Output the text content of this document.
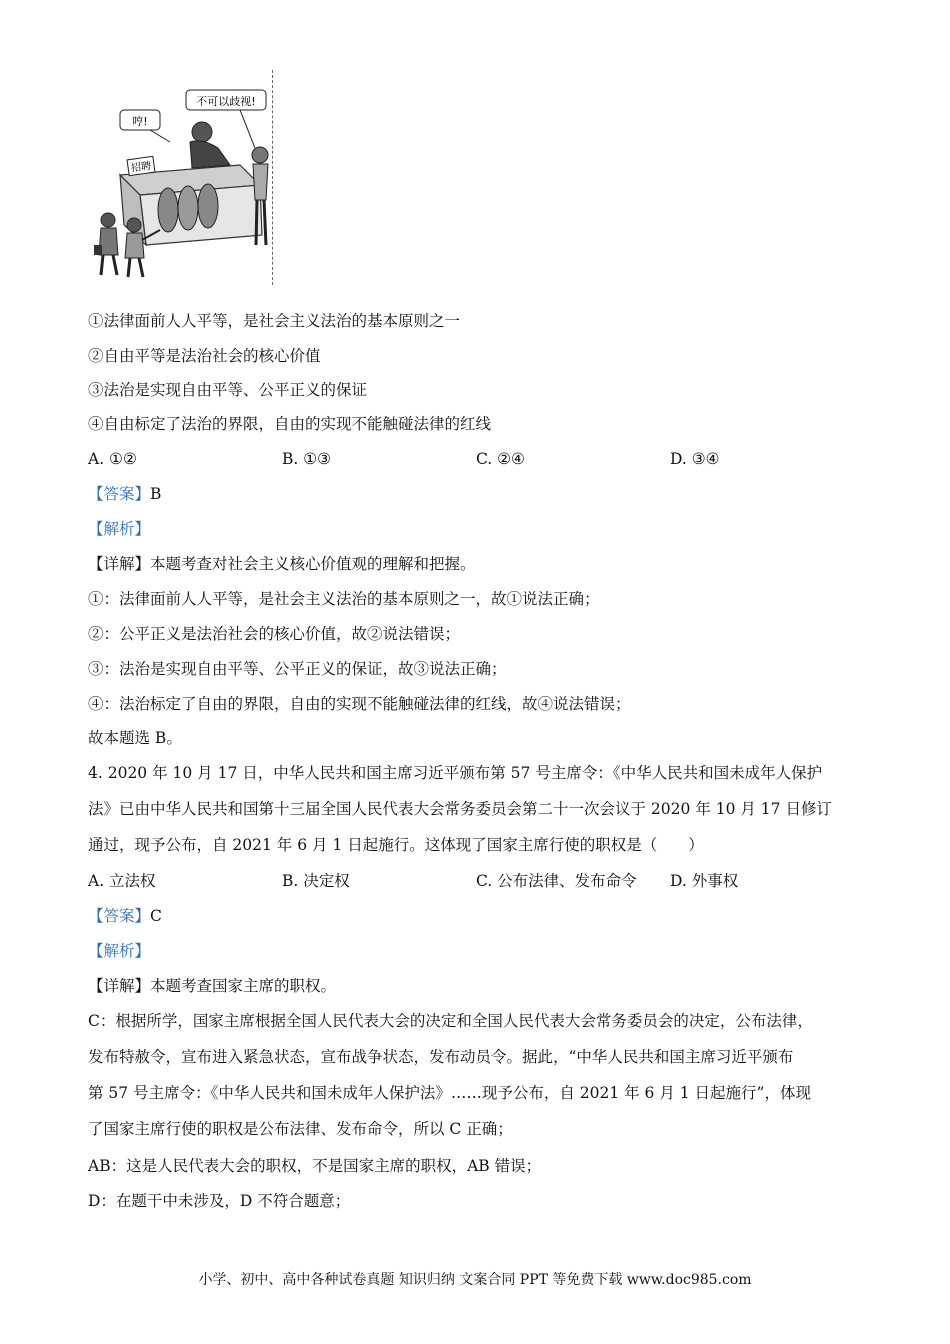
招聘
哼!
不可以歧视!
①法律面前人人平等，是社会主义法治的基本原则之一
②自由平等是法治社会的核心价值
③法治是实现自由平等、公平正义的保证
④自由标定了法治的界限，自由的实现不能触碰法律的红线
A. ①②	B. ①③	C. ②④	D. ③④
【答案】B
【解析】
【详解】本题考查对社会主义核心价值观的理解和把握。
①：法律面前人人平等，是社会主义法治的基本原则之一，故①说法正确；
②：公平正义是法治社会的核心价值，故②说法错误；
③：法治是实现自由平等、公平正义的保证，故③说法正确；
④：法治标定了自由的界限，自由的实现不能触碰法律的红线，故④说法错误；
故本题选 B。
4. 2020 年 10 月 17 日，中华人民共和国主席习近平颁布第 57 号主席令：《中华人民共和国未成年人保护
法》已由中华人民共和国第十三届全国人民代表大会常务委员会第二十一次会议于 2020 年 10 月 17 日修订
通过，现予公布，自 2021 年 6 月 1 日起施行。这体现了国家主席行使的职权是（　　）
A. 立法权	B. 决定权	C. 公布法律、发布命令 D. 外事权
【答案】C
【解析】
【详解】本题考查国家主席的职权。
C：根据所学，国家主席根据全国人民代表大会的决定和全国人民代表大会常务委员会的决定，公布法律，
发布特赦令，宣布进入紧急状态，宣布战争状态，发布动员令。据此，“中华人民共和国主席习近平颁布
第 57 号主席令：《中华人民共和国未成年人保护法》……现予公布，自 2021 年 6 月 1 日起施行”，体现
了国家主席行使的职权是公布法律、发布命令，所以 C 正确；
AB：这是人民代表大会的职权，不是国家主席的职权，AB 错误；
D：在题干中未涉及，D 不符合题意；
小学、初中、高中各种试卷真题 知识归纳 文案合同 PPT 等免费下载 www.doc985.com
